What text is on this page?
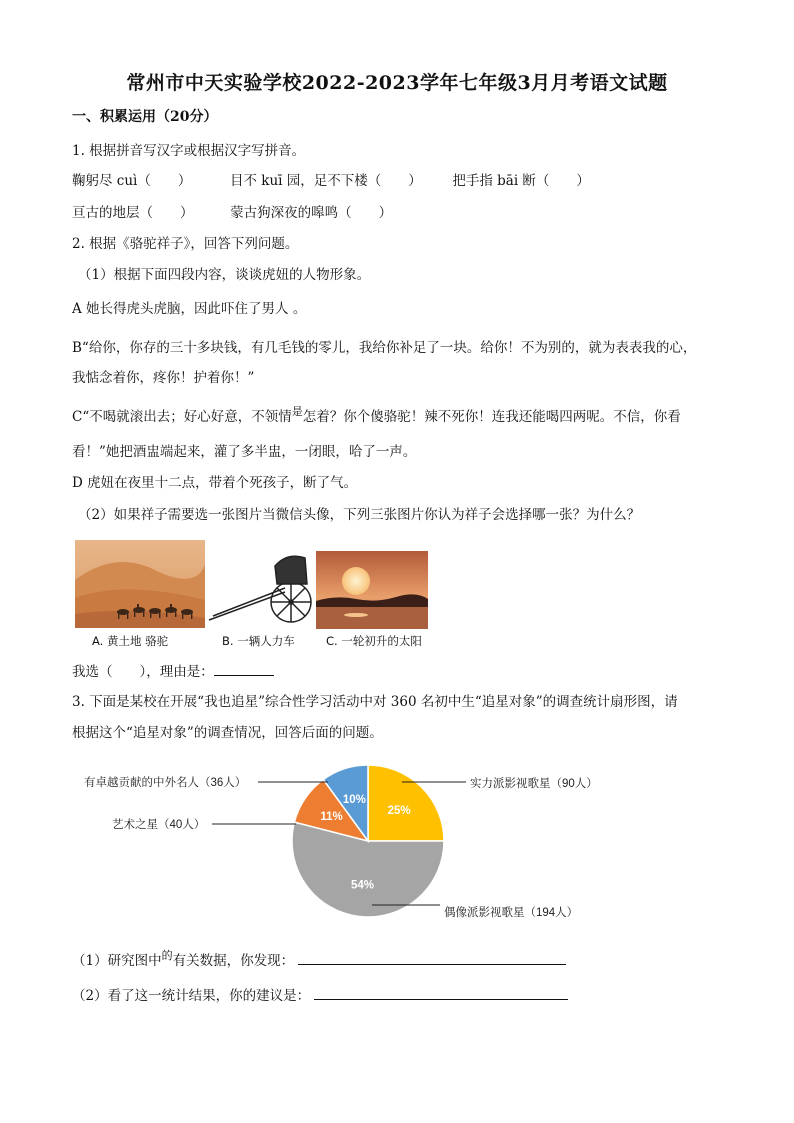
常州市中天实验学校2022-2023学年七年级3月月考语文试题
一、积累运用（20分）
1. 根据拼音写汉字或根据汉字写拼音。
鞠躬尽 cuì（　　）	目不 kuī 园，足不下楼（　　） 把手指 bāi 断（　　）
亘古的地层（　　）	蒙古狗深夜的嗥鸣（　　）
2. 根据《骆驼祥子》，回答下列问题。
（1）根据下面四段内容，谈谈虎妞的人物形象。
A 她长得虎头虎脑，因此吓住了男人 。
B“给你，你存的三十多块钱，有几毛钱的零儿，我给你补足了一块。给你！不为别的，就为表表我的心，
我惦念着你，疼你！护着你！”
C“不喝就滚出去；好心好意，不领情$^是$怎着？你个傻骆驼！辣不死你！连我还能喝四两呢。不信，你看
看！”她把酒盅端起来，灌了多半盅，一闭眼，哈了一声。
D 虎妞在夜里十二点，带着个死孩子，断了气。
（2）如果祥子需要选一张图片当微信头像，下列三张图片你认为祥子会选择哪一张？为什么？
A. 黄土地 骆驼	B. 一辆人力车	C. 一轮初升的太阳
我选（　　），理由是：
3. 下面是某校在开展“我也追星”综合性学习活动中对 360 名初中生“追星对象”的调查统计扇形图，请
根据这个“追星对象”的调查情况，回答后面的问题。
25%
实力派影视歌星（90人）
54%
偶像派影视歌星（194人）
11%
艺术之星（40人）
10%
有卓越贡献的中外名人（36人）
（1）研究图中$^的$有关数据，你发现：
（2）看了这一统计结果，你的建议是：
